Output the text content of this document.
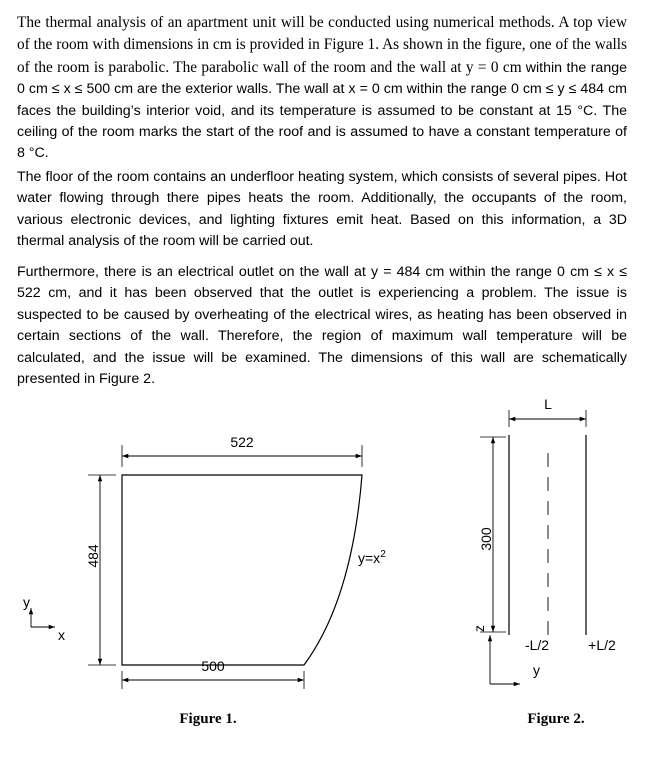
The thermal analysis of an apartment unit will be conducted using numerical methods. A top view of the room with dimensions in cm is provided in Figure 1. As shown in the figure, one of the walls of the room is parabolic. The parabolic wall of the room and the wall at y = 0 cm within the range 0 cm ≤ x ≤ 500 cm are the exterior walls. The wall at x = 0 cm within the range 0 cm ≤ y ≤ 484 cm faces the building’s interior void, and its temperature is assumed to be constant at 15 °C. The ceiling of the room marks the start of the roof and is assumed to have a constant temperature of 8 °C.

The floor of the room contains an underfloor heating system, which consists of several pipes. Hot water flowing through there pipes heats the room. Additionally, the occupants of the room, various electronic devices, and lighting fixtures emit heat. Based on this information, a 3D thermal analysis of the room will be carried out.

Furthermore, there is an electrical outlet on the wall at y = 484 cm within the range 0 cm ≤ x ≤ 522 cm, and it has been observed that the outlet is experiencing a problem. The issue is suspected to be caused by overheating of the electrical wires, as heating has been observed in certain sections of the wall. Therefore, the region of maximum wall temperature will be calculated, and the issue will be examined. The dimensions of this wall are schematically presented in Figure 2.

522
500
484	$y=x^2$
y
x
Figure 1.
L
300
-L/2	+L/2
z
y
Figure 2.
